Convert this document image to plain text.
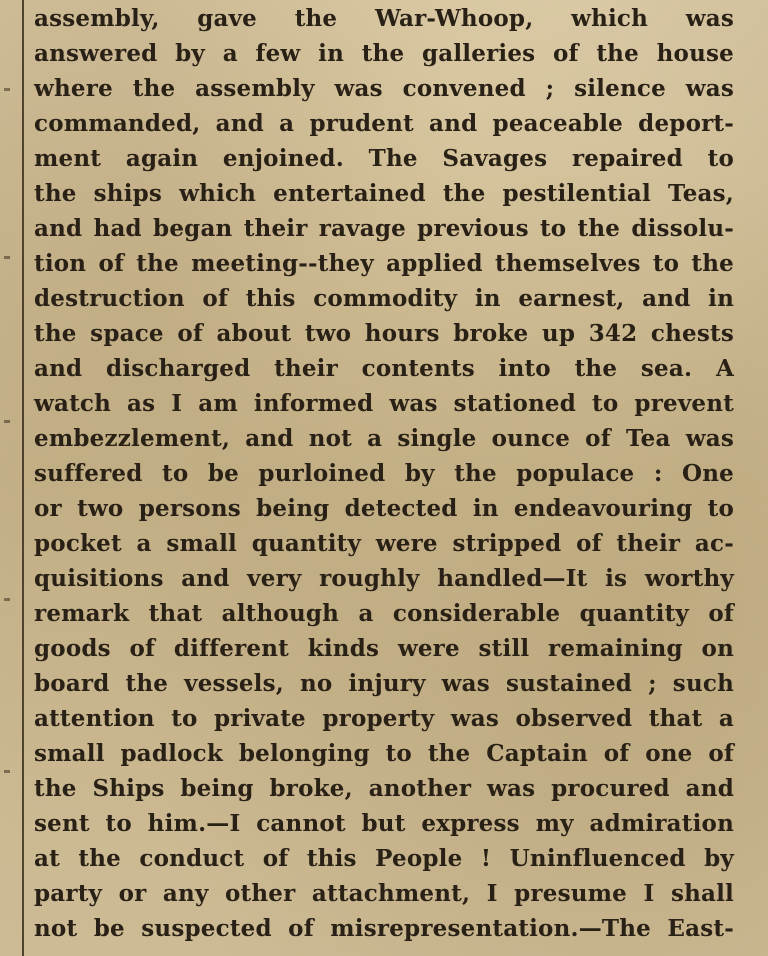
assembly, gave the War-Whoop, which was
answered by a few in the galleries of the house
where the assembly was convened ; silence was
commanded, and a prudent and peaceable deport-
ment again enjoined. The Savages repaired to
the ships which entertained the pestilential Teas,
and had began their ravage previous to the dissolu-
tion of the meeting--they applied themselves to the
destruction of this commodity in earnest, and in
the space of about two hours broke up 342 chests
and discharged their contents into the sea. A
watch as I am informed was stationed to prevent
embezzlement, and not a single ounce of Tea was
suffered to be purloined by the populace : One
or two persons being detected in endeavouring to
pocket a small quantity were stripped of their ac-
quisitions and very roughly handled—It is worthy
remark that although a considerable quantity of
goods of different kinds were still remaining on
board the vessels, no injury was sustained ; such
attention to private property was observed that a
small padlock belonging to the Captain of one of
the Ships being broke, another was procured and
sent to him.—I cannot but express my admiration
at the conduct of this People ! Uninfluenced by
party or any other attachment, I presume I shall
not be suspected of misrepresentation.—The East-
